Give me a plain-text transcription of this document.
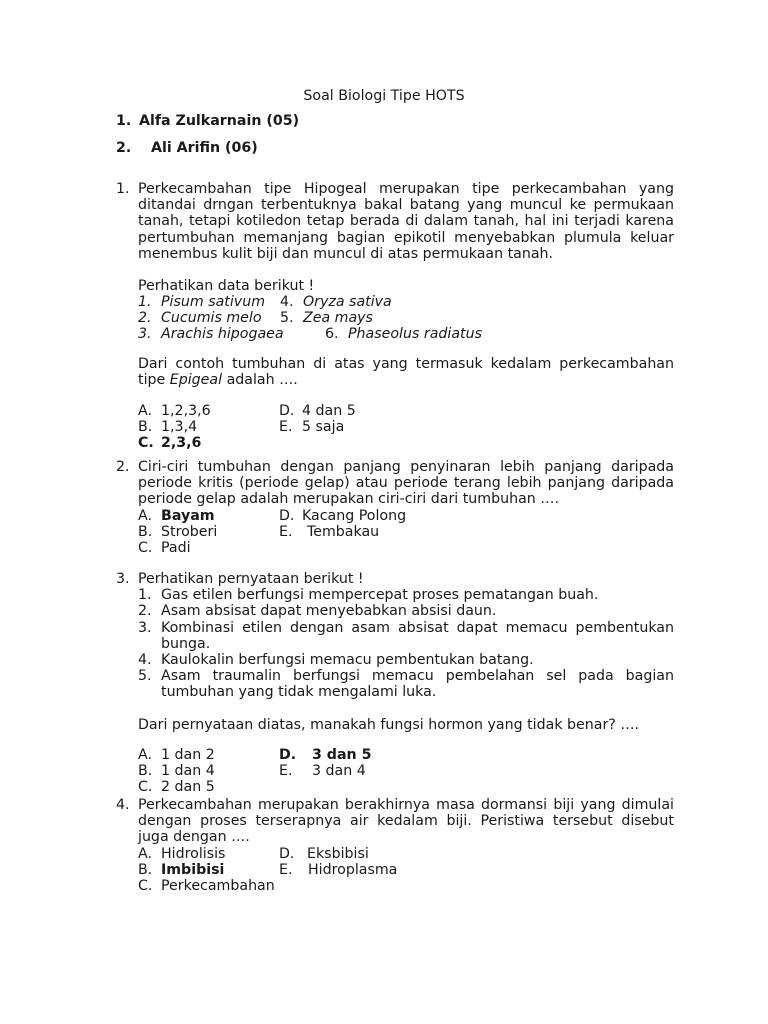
Soal Biologi Tipe HOTS
1. Alfa Zulkarnain (05)
2. Ali Arifin (06)
1. Perkecambahan tipe Hipogeal merupakan tipe perkecambahan yang ditandai drngan terbentuknya bakal batang yang muncul ke permukaan tanah, tetapi kotiledon tetap berada di dalam tanah, hal ini terjadi karena pertumbuhan memanjang bagian epikotil menyebabkan plumula keluar menembus kulit biji dan muncul di atas permukaan tanah.
Perhatikan data berikut !
1. Pisum sativum 4. Oryza sativa
2. Cucumis melo 5. Zea mays
3. Arachis hipogaea	6. Phaseolus radiatus
Dari contoh tumbuhan di atas yang termasuk kedalam perkecambahan tipe Epigeal adalah ….
A. 1,2,3,6	D. 4 dan 5
B. 1,3,4	E. 5 saja
C. 2,3,6
2. Ciri-ciri tumbuhan dengan panjang penyinaran lebih panjang daripada periode kritis (periode gelap) atau periode terang lebih panjang daripada periode gelap adalah merupakan ciri-ciri dari tumbuhan ….
A. Bayam	D. Kacang Polong
B. Stroberi	E. Tembakau
C. Padi
3. Perhatikan pernyataan berikut !
1. Gas etilen berfungsi mempercepat proses pematangan buah.
2. Asam absisat dapat menyebabkan absisi daun.
3. Kombinasi etilen dengan asam absisat dapat memacu pembentukan bunga.
4. Kaulokalin berfungsi memacu pembentukan batang.
5. Asam traumalin berfungsi memacu pembelahan sel pada bagian tumbuhan yang tidak mengalami luka.
Dari pernyataan diatas, manakah fungsi hormon yang tidak benar? ….
A. 1 dan 2	D. 3 dan 5
B. 1 dan 4	E. 3 dan 4
C. 2 dan 5
4. Perkecambahan merupakan berakhirnya masa dormansi biji yang dimulai dengan proses terserapnya air kedalam biji. Peristiwa tersebut disebut juga dengan ….
A. Hidrolisis	D. Eksbibisi
B. Imbibisi	E. Hidroplasma
C. Perkecambahan
